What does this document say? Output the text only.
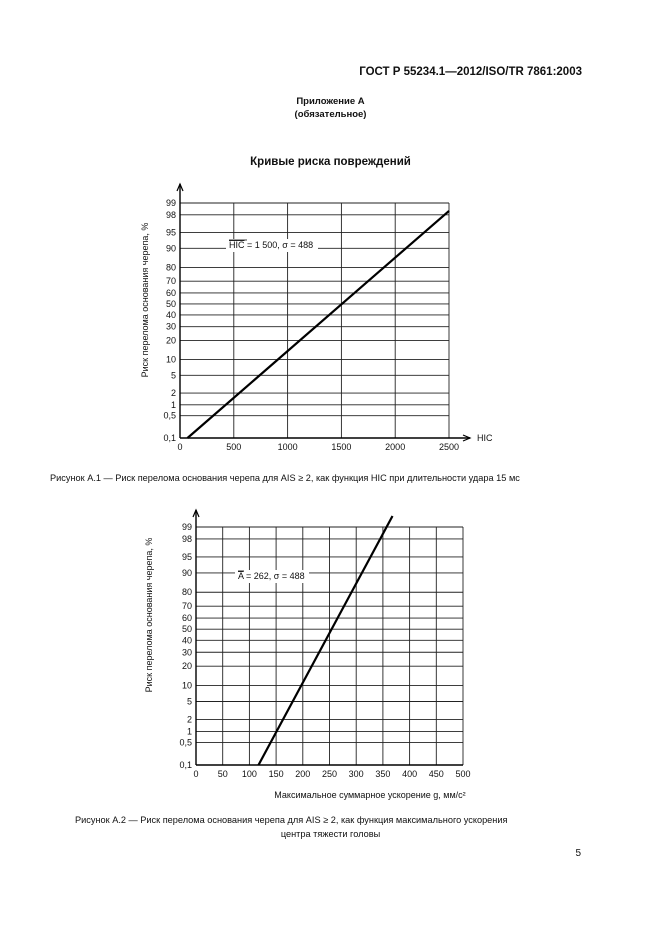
ГОСТ Р 55234.1—2012/ISO/TR 7861:2003
Приложение А
(обязательное)
Кривые риска повреждений
0,1
0,5
1
2
5
10
20
30
40
50
60
70
80
90
95
98
99
0	500	1000	1500	2000	2500
HIC
Риск перелома основания черепа, %	HIC = 1 500, σ = 488
0,1
0,5
1
2
5
10
20
30
40
50
60
70
80
90
95
98
99
0 50 100 150 200 250 300 350 400 450 500
Максимальное суммарное ускорение g, мм/с²
Риск перелома основания черепа, %	A = 262, σ = 488
Рисунок А.1 — Риск перелома основания черепа для AIS ≥ 2, как функция HIC при длительности удара 15 мс
Рисунок А.2 — Риск перелома основания черепа для AIS ≥ 2, как функция максимального ускорения
центра тяжести головы
5
